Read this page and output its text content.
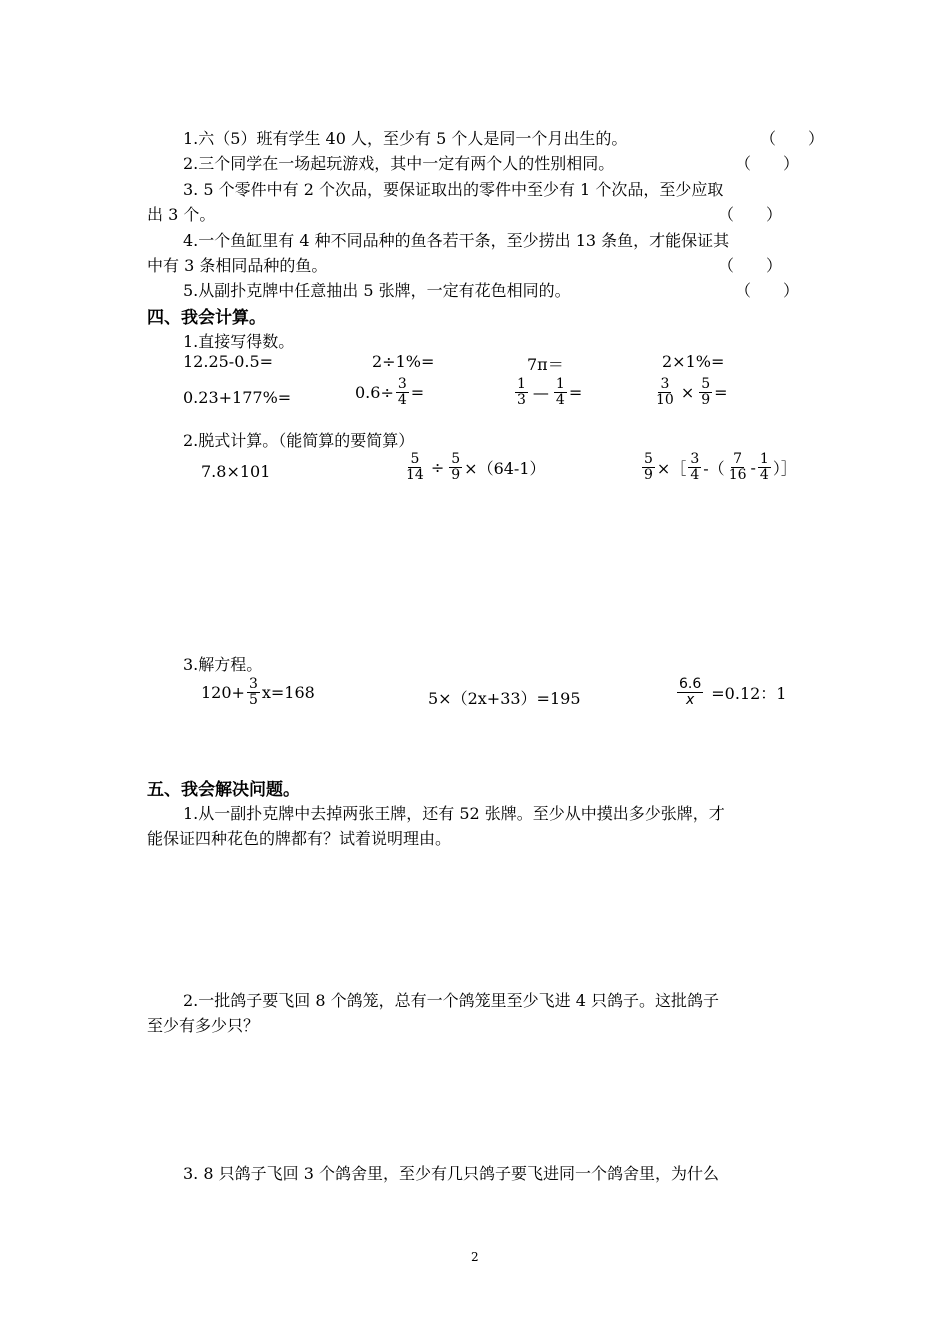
1.六（5）班有学生 40 人，至少有 5 个人是同一个月出生的。	（　　）
2.三个同学在一场起玩游戏，其中一定有两个人的性别相同。	（　　）
3. 5 个零件中有 2 个次品，要保证取出的零件中至少有 1 个次品，至少应取
出 3 个。	（　　）
4.一个鱼缸里有 4 种不同品种的鱼各若干条，至少捞出 13 条鱼，才能保证其
中有 3 条相同品种的鱼。	（　　）
5.从副扑克牌中任意抽出 5 张牌，一定有花色相同的。	（　　）
四、我会计算。
1.直接写得数。
12.25-0.5=	2÷1%=	7π＝	2×1%=
0.23+177%=	$0.6\div \frac{3}{4}$ =	$\frac{1}{3}$ — $\frac{1}{4}$ =	$\frac{3}{10} \times \frac{5}{9}$ =
2.脱式计算。（能简算的要简算）
7.8×101	$\frac{5}{14} \div \frac{5}{9} \times(64-1)$	$\frac{5}{9}$ ×［ $\frac{3}{4}$ -（ $\frac{7}{16} - \frac{1}{4}$ ）］
3.解方程。
$120+ \frac{3}{5} x=168$	5×（2x+33）=195	$\frac{6.6}{x} =0.12$：1
五、我会解决问题。
1.从一副扑克牌中去掉两张王牌，还有 52 张牌。至少从中摸出多少张牌，才
能保证四种花色的牌都有？试着说明理由。
2.一批鸽子要飞回 8 个鸽笼，总有一个鸽笼里至少飞进 4 只鸽子。这批鸽子
至少有多少只？
3. 8 只鸽子飞回 3 个鸽舍里，至少有几只鸽子要飞进同一个鸽舍里，为什么
2
